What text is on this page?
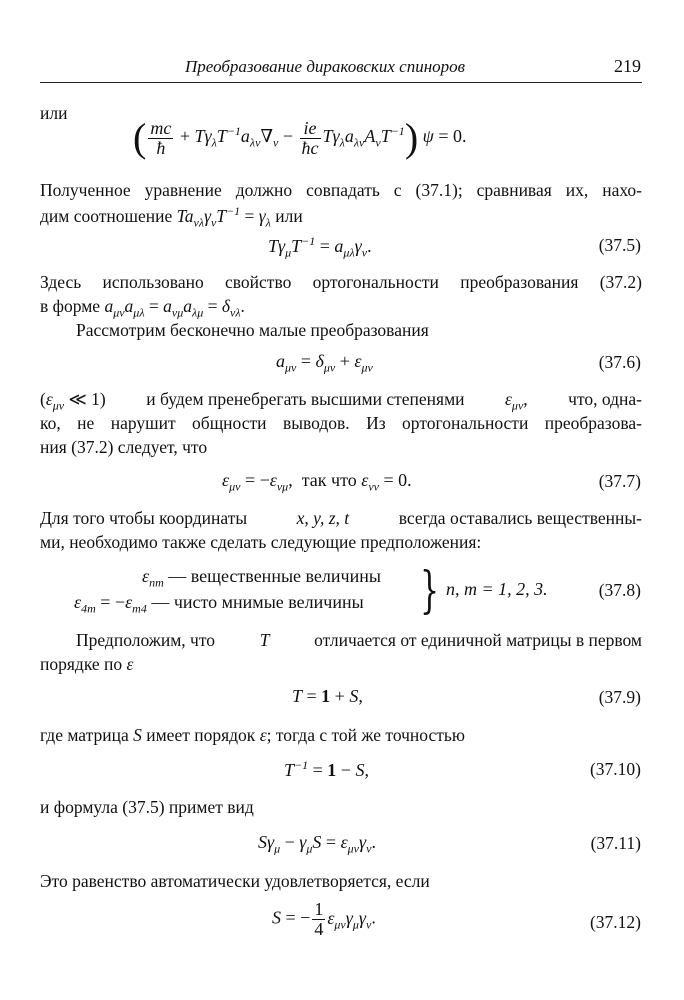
Преобразование дираковских спиноров	219
или
( $\frac{mc}{ħ} + T\gamma_\lambda T^{-1}a_{\lambda\nu}\nabla_\nu - \frac{ie}{ħc} T\gamma_\lambda a_{\lambda\nu}A_\nu T^{-1}$) ψ = 0.
Полученное уравнение должно совпадать с (37.1); сравнивая их, нахо-
дим соотношение $Ta_{\nu\lambda}\gamma_\nu T^{-1} = \gamma_\lambda$ или
$T\gamma_\mu T^{-1} = a_{\mu\lambda}\gamma_\nu$.	(37.5)
Здесь использовано свойство ортогональности преобразования (37.2)
в форме $a_{\mu\nu}a_{\mu\lambda} = a_{\nu\mu}a_{\lambda\mu} = \delta_{\nu\lambda}$.
Рассмотрим бесконечно малые преобразования
$a_{\mu\nu} = \delta_{\mu\nu} + \varepsilon_{\mu\nu}$	(37.6)
($\varepsilon_{\mu\nu}$ ≪ 1) и будем пренебрегать высшими степенями $\varepsilon_{\mu\nu}$, что, одна-
ко, не нарушит общности выводов. Из ортогональности преобразова-
ния (37.2) следует, что
$\varepsilon_{\mu\nu} = -\varepsilon_{\nu\mu}$,  так что $\varepsilon_{\nu\nu} = 0$.	(37.7)
Для того чтобы координаты	x, y, z, t	всегда оставались вещественны-
ми, необходимо также сделать следующие предположения:
$\varepsilon_{nm}$ — вещественные величины
$\varepsilon_{4m} = -\varepsilon_{m4}$ — чисто мнимые величины } n, m = 1, 2, 3.	(37.8)
Предположим, что	T	отличается от единичной матрицы в первом
порядке по ε
T = 1 + S,	(37.9)
где матрица S имеет порядок ε; тогда с той же точностью
$T^{-1} = 1 - S$,	(37.10)
и формула (37.5) примет вид
$S\gamma_\mu - \gamma_\mu S = \varepsilon_{\mu\nu}\gamma_\nu$.	(37.11)
Это равенство автоматически удовлетворяется, если
S = − $\frac{1}{4} \varepsilon_{\mu\nu}\gamma_\mu\gamma_\nu$.	(37.12)
